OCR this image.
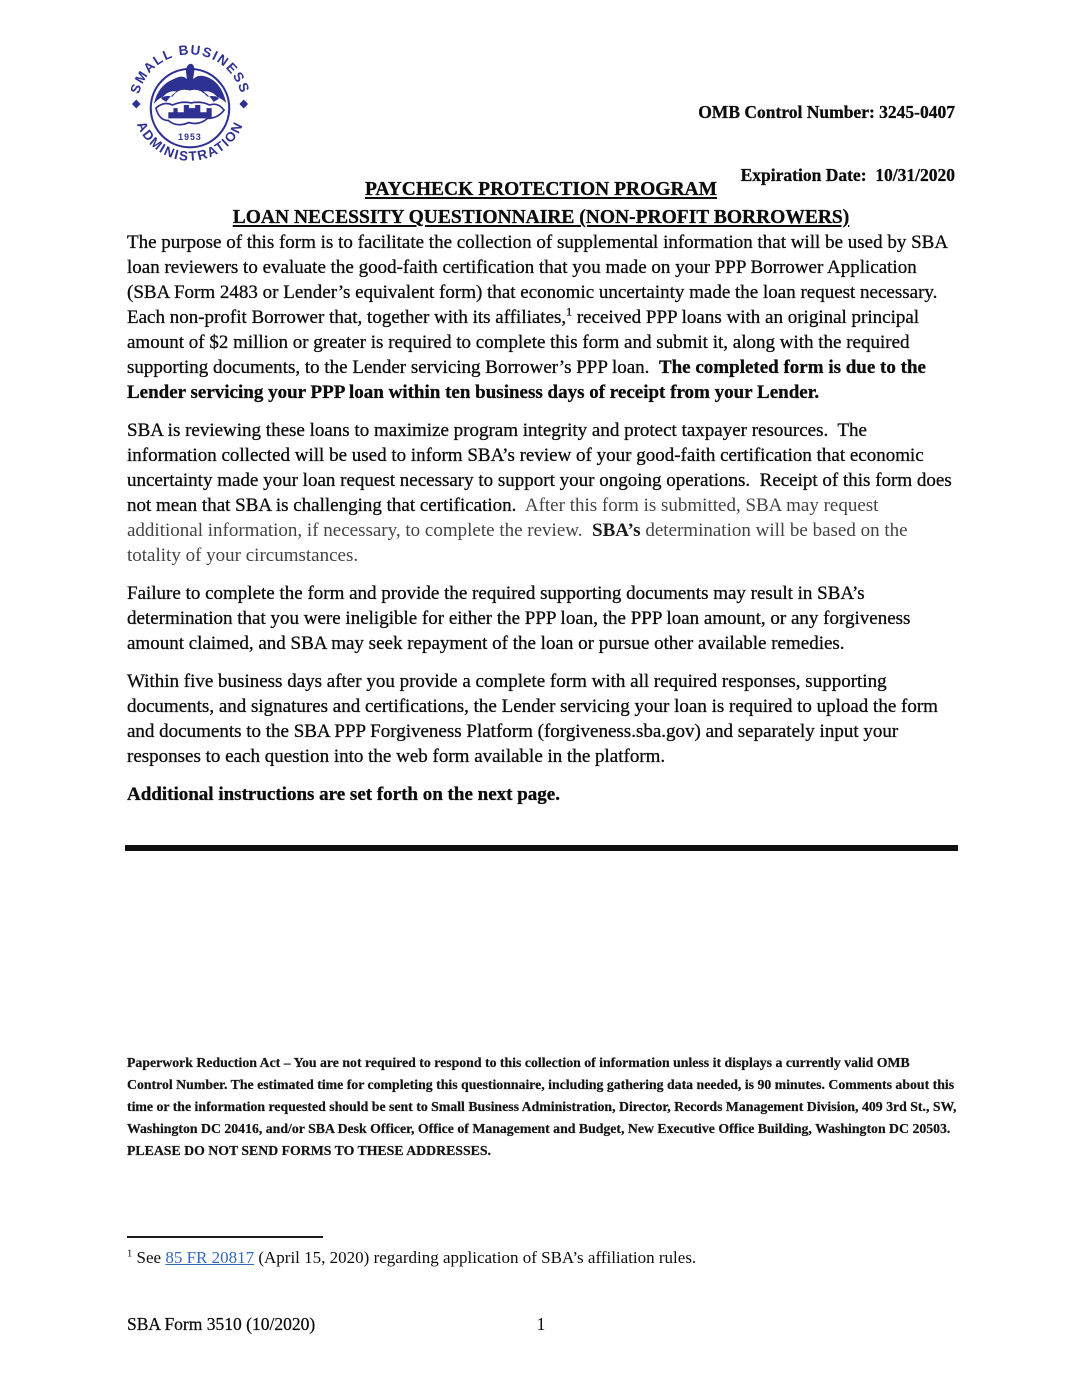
1953
SMALL BUSINESS
ADMINISTRATION

OMB Control Number: 3245-0407

Expiration Date:  10/31/2020

PAYCHECK PROTECTION PROGRAM
LOAN NECESSITY QUESTIONNAIRE (NON-PROFIT BORROWERS)

The purpose of this form is to facilitate the collection of supplemental information that will be used by SBA loan reviewers to evaluate the good-faith certification that you made on your PPP Borrower Application (SBA Form 2483 or Lender’s equivalent form) that economic uncertainty made the loan request necessary.  Each non-profit Borrower that, together with its affiliates,$^1$ received PPP loans with an original principal amount of $2 million or greater is required to complete this form and submit it, along with the required supporting documents, to the Lender servicing Borrower’s PPP loan.  The completed form is due to the Lender servicing your PPP loan within ten business days of receipt from your Lender.

SBA is reviewing these loans to maximize program integrity and protect taxpayer resources.  The information collected will be used to inform SBA’s review of your good-faith certification that economic uncertainty made your loan request necessary to support your ongoing operations.  Receipt of this form does not mean that SBA is challenging that certification.  After this form is submitted, SBA may request additional information, if necessary, to complete the review.  SBA’s determination will be based on the totality of your circumstances.

Failure to complete the form and provide the required supporting documents may result in SBA’s determination that you were ineligible for either the PPP loan, the PPP loan amount, or any forgiveness amount claimed, and SBA may seek repayment of the loan or pursue other available remedies.

Within five business days after you provide a complete form with all required responses, supporting documents, and signatures and certifications, the Lender servicing your loan is required to upload the form and documents to the SBA PPP Forgiveness Platform (forgiveness.sba.gov) and separately input your responses to each question into the web form available in the platform.

Additional instructions are set forth on the next page.

Paperwork Reduction Act – You are not required to respond to this collection of information unless it displays a currently valid OMB Control Number. The estimated time for completing this questionnaire, including gathering data needed, is 90 minutes. Comments about this time or the information requested should be sent to Small Business Administration, Director, Records Management Division, 409 3rd St., SW, Washington DC 20416, and/or SBA Desk Officer, Office of Management and Budget, New Executive Office Building, Washington DC 20503. PLEASE DO NOT SEND FORMS TO THESE ADDRESSES.
$^1$ See 85 FR 20817 (April 15, 2020) regarding application of SBA’s affiliation rules.
SBA Form 3510 (10/2020)	1
